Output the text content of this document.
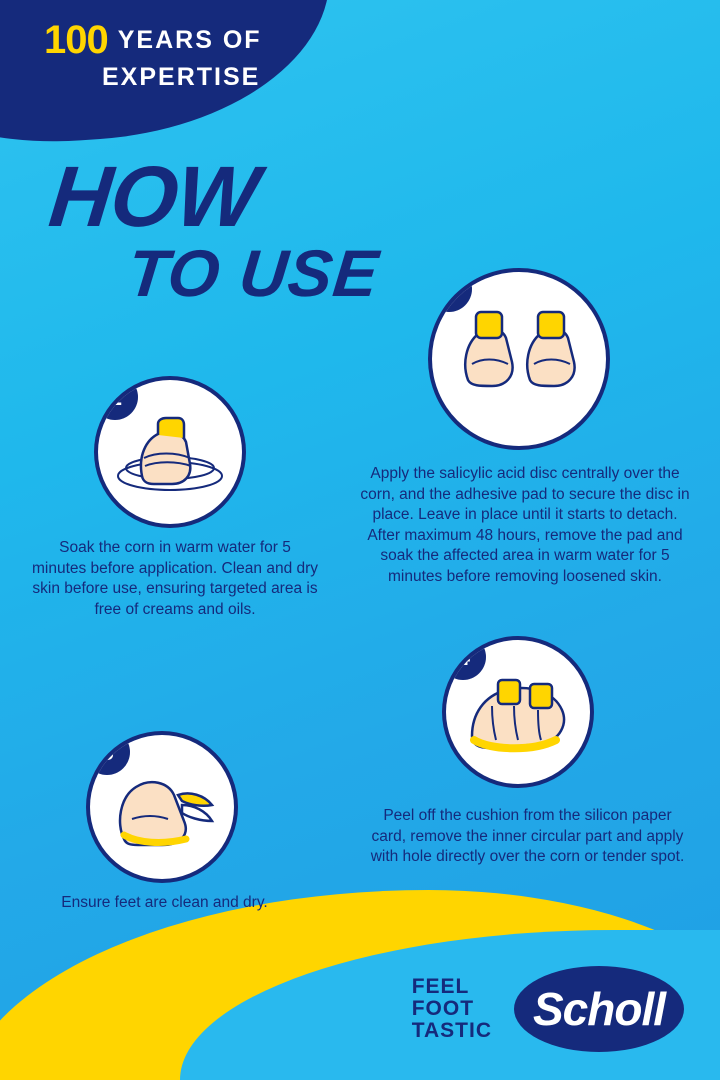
100 YEARS OF
EXPERTISE
HOW
TO USE
1
Soak the corn in warm water for 5 minutes before application. Clean and dry skin before use, ensuring targeted area is free of creams and oils.
2
Apply the salicylic acid disc centrally over the corn, and the adhesive pad to secure the disc in place. Leave in place until it starts to detach. After maximum 48 hours, remove the pad and soak the affected area in warm water for 5 minutes before removing loosened skin.
3
Ensure feet are clean and dry.
4
Peel off the cushion from the silicon paper card, remove the inner circular part and apply with hole directly over the corn or tender spot.
FEEL
FOOT
TASTIC Scholl
